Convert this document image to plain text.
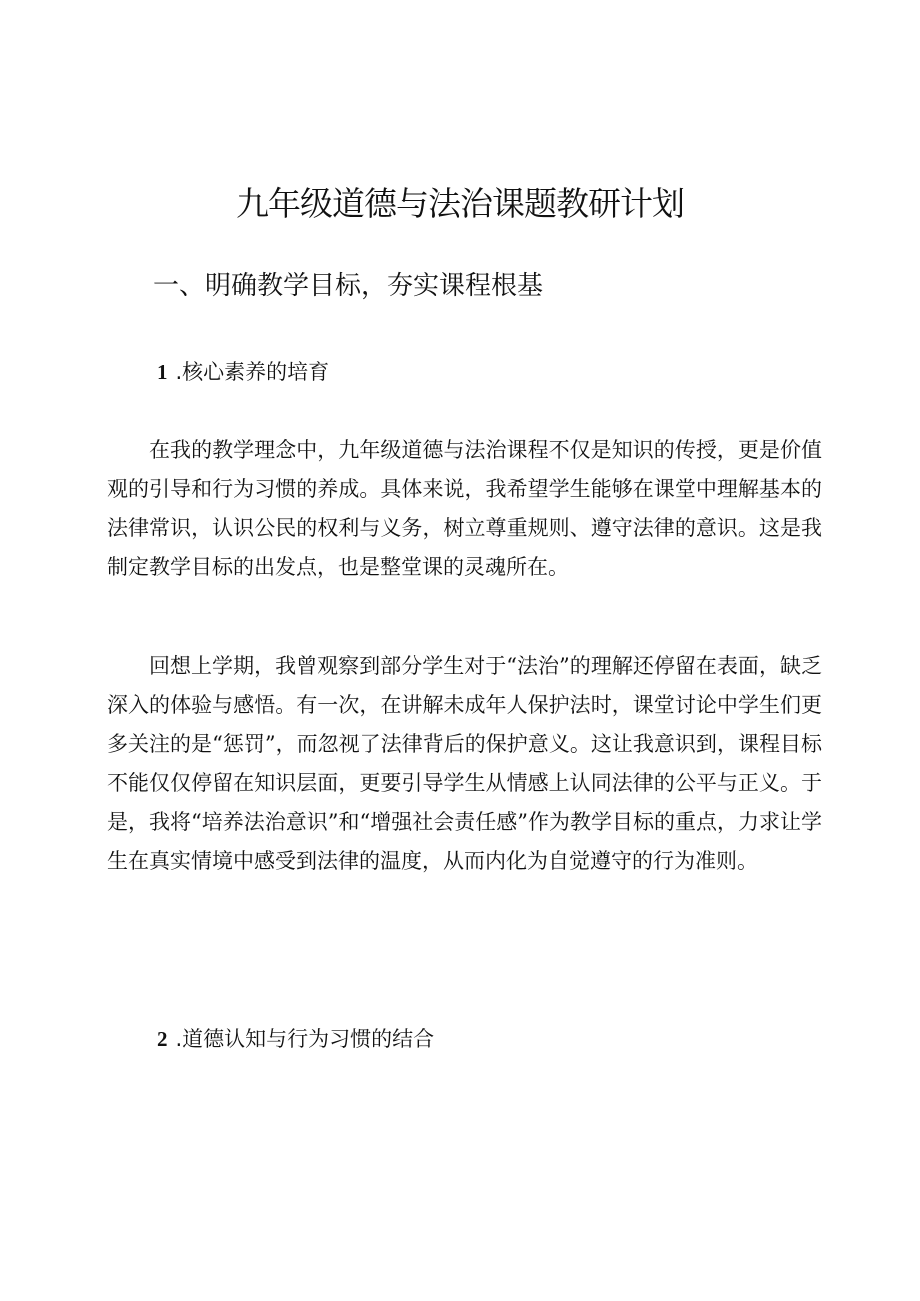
九年级道德与法治课题教研计划
一、明确教学目标，夯实课程根基
1 .核心素养的培育

在我的教学理念中，九年级道德与法治课程不仅是知识的传授，更是价值观的引导和行为习惯的养成。具体来说，我希望学生能够在课堂中理解基本的法律常识，认识公民的权利与义务，树立尊重规则、遵守法律的意识。这是我制定教学目标的出发点，也是整堂课的灵魂所在。

回想上学期，我曾观察到部分学生对于“法治”的理解还停留在表面，缺乏深入的体验与感悟。有一次，在讲解未成年人保护法时，课堂讨论中学生们更多关注的是“惩罚”，而忽视了法律背后的保护意义。这让我意识到，课程目标不能仅仅停留在知识层面，更要引导学生从情感上认同法律的公平与正义。于是，我将“培养法治意识”和“增强社会责任感”作为教学目标的重点，力求让学生在真实情境中感受到法律的温度，从而内化为自觉遵守的行为准则。

2 .道德认知与行为习惯的结合
